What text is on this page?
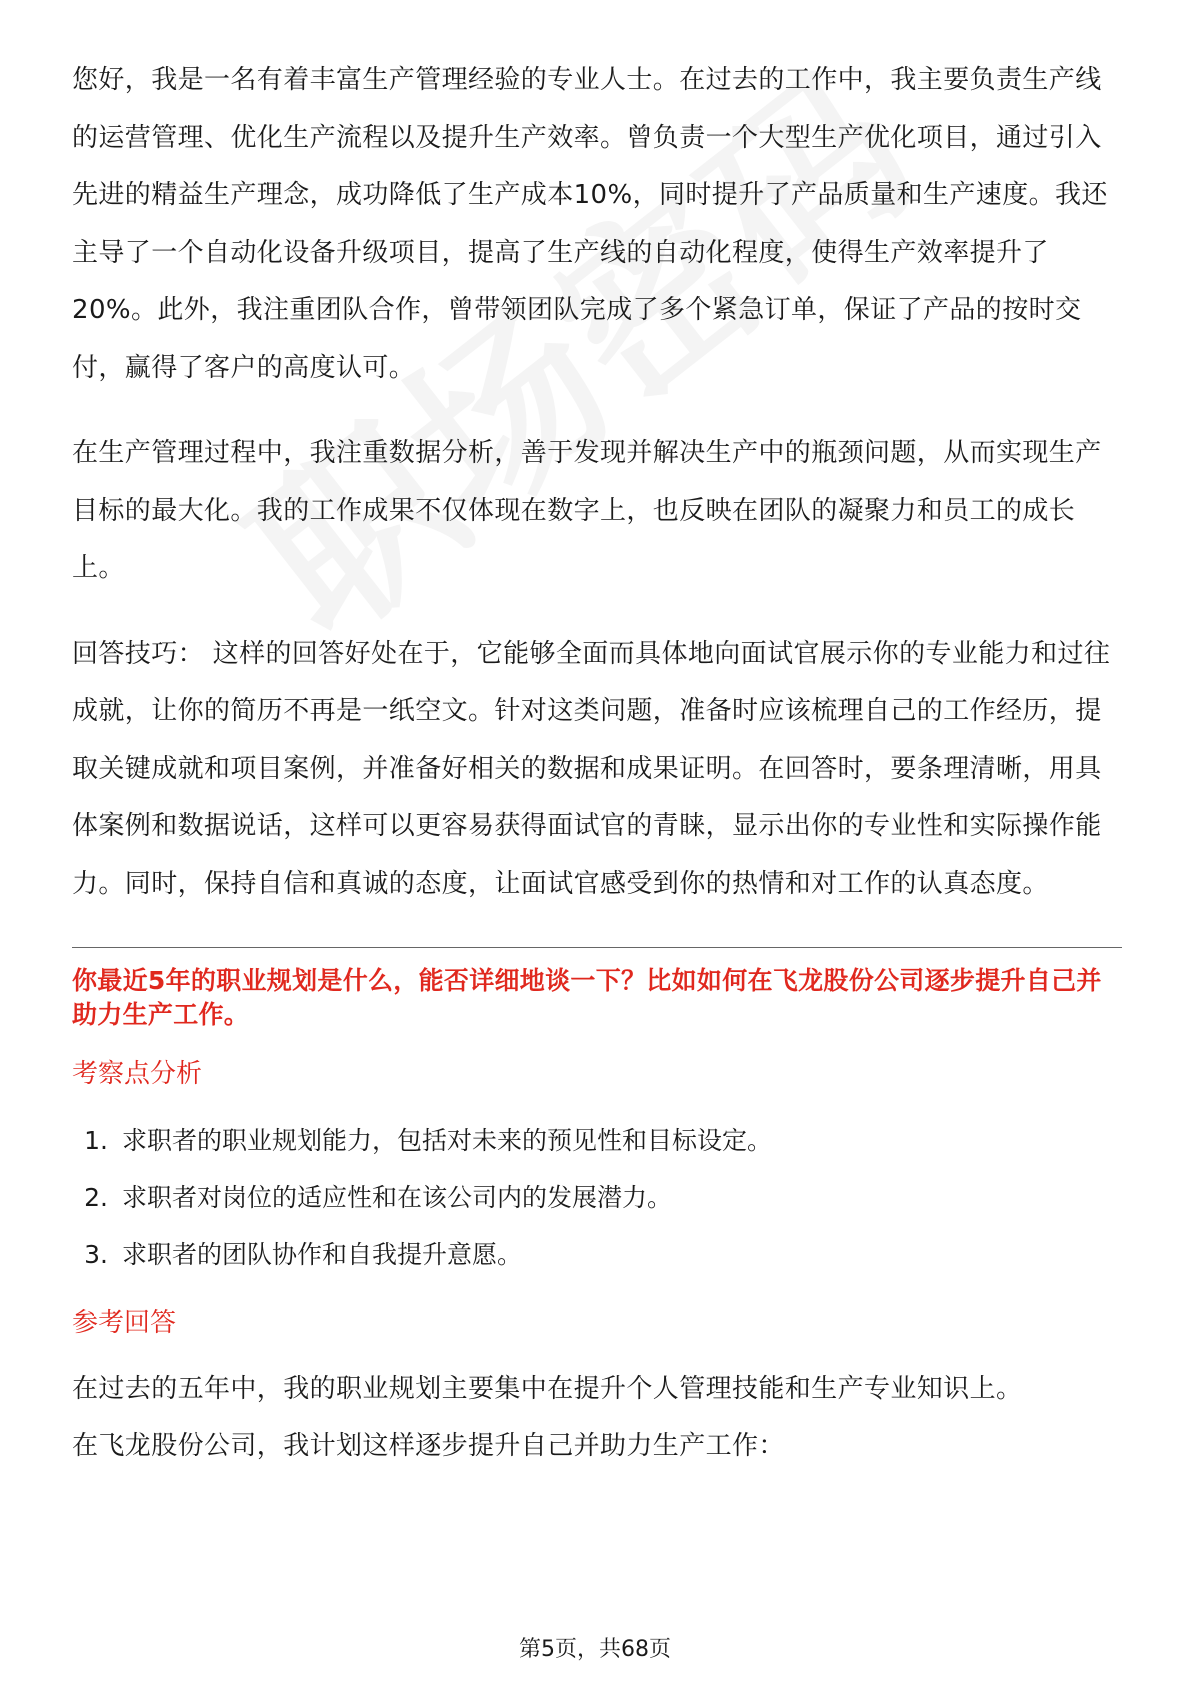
您好，我是一名有着丰富生产管理经验的专业人士。在过去的工作中，我主要负责生产线的运营管理、优化生产流程以及提升生产效率。曾负责一个大型生产优化项目，通过引入先进的精益生产理念，成功降低了生产成本10%，同时提升了产品质量和生产速度。我还主导了一个自动化设备升级项目，提高了生产线的自动化程度，使得生产效率提升了20%。此外，我注重团队合作，曾带领团队完成了多个紧急订单，保证了产品的按时交付，赢得了客户的高度认可。

在生产管理过程中，我注重数据分析，善于发现并解决生产中的瓶颈问题，从而实现生产目标的最大化。我的工作成果不仅体现在数字上，也反映在团队的凝聚力和员工的成长上。

回答技巧： 这样的回答好处在于，它能够全面而具体地向面试官展示你的专业能力和过往成就，让你的简历不再是一纸空文。针对这类问题，准备时应该梳理自己的工作经历，提取关键成就和项目案例，并准备好相关的数据和成果证明。在回答时，要条理清晰，用具体案例和数据说话，这样可以更容易获得面试官的青睐，显示出你的专业性和实际操作能力。同时，保持自信和真诚的态度，让面试官感受到你的热情和对工作的认真态度。

你最近5年的职业规划是什么，能否详细地谈一下？比如如何在飞龙股份公司逐步提升自己并助力生产工作。
考察点分析
1. 求职者的职业规划能力，包括对未来的预见性和目标设定。
2. 求职者对岗位的适应性和在该公司内的发展潜力。
3. 求职者的团队协作和自我提升意愿。
参考回答
在过去的五年中，我的职业规划主要集中在提升个人管理技能和生产专业知识上。
在飞龙股份公司，我计划这样逐步提升自己并助力生产工作：
第5页，共68页
